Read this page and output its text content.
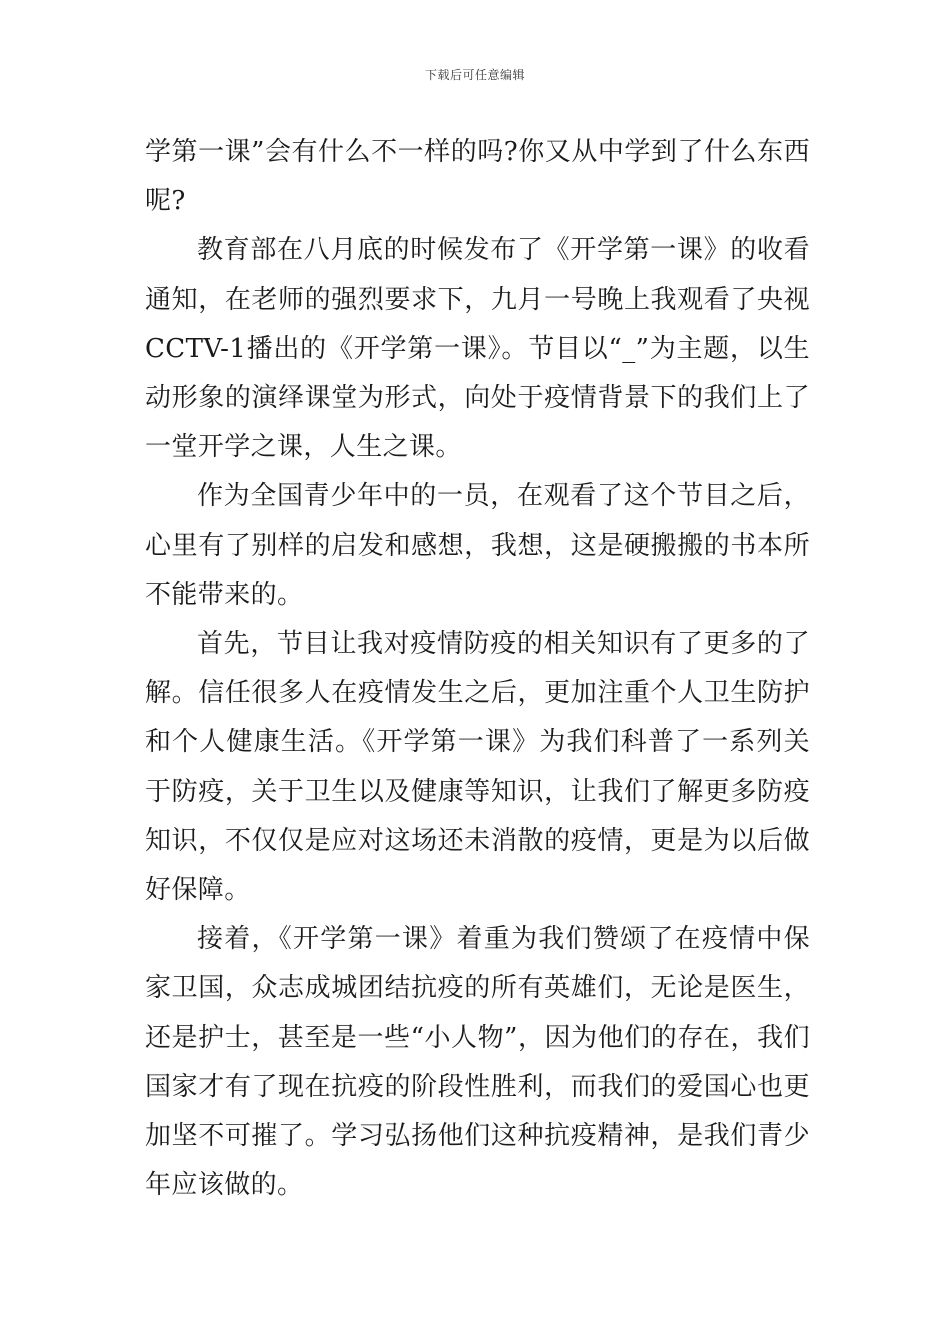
下载后可任意编辑

学第一课”会有什么不一样的吗?你又从中学到了什么东西呢?

教育部在八月底的时候发布了《开学第一课》的收看通知，在老师的强烈要求下，九月一号晚上我观看了央视CCTV-1播出的《开学第一课》。节目以“_”为主题，以生动形象的演绎课堂为形式，向处于疫情背景下的我们上了一堂开学之课，人生之课。

作为全国青少年中的一员，在观看了这个节目之后，心里有了别样的启发和感想，我想，这是硬搬搬的书本所不能带来的。

首先，节目让我对疫情防疫的相关知识有了更多的了解。信任很多人在疫情发生之后，更加注重个人卫生防护和个人健康生活。《开学第一课》为我们科普了一系列关于防疫，关于卫生以及健康等知识，让我们了解更多防疫知识，不仅仅是应对这场还未消散的疫情，更是为以后做好保障。

接着，《开学第一课》着重为我们赞颂了在疫情中保家卫国，众志成城团结抗疫的所有英雄们，无论是医生，还是护士，甚至是一些“小人物”，因为他们的存在，我们国家才有了现在抗疫的阶段性胜利，而我们的爱国心也更加坚不可摧了。学习弘扬他们这种抗疫精神，是我们青少年应该做的。
